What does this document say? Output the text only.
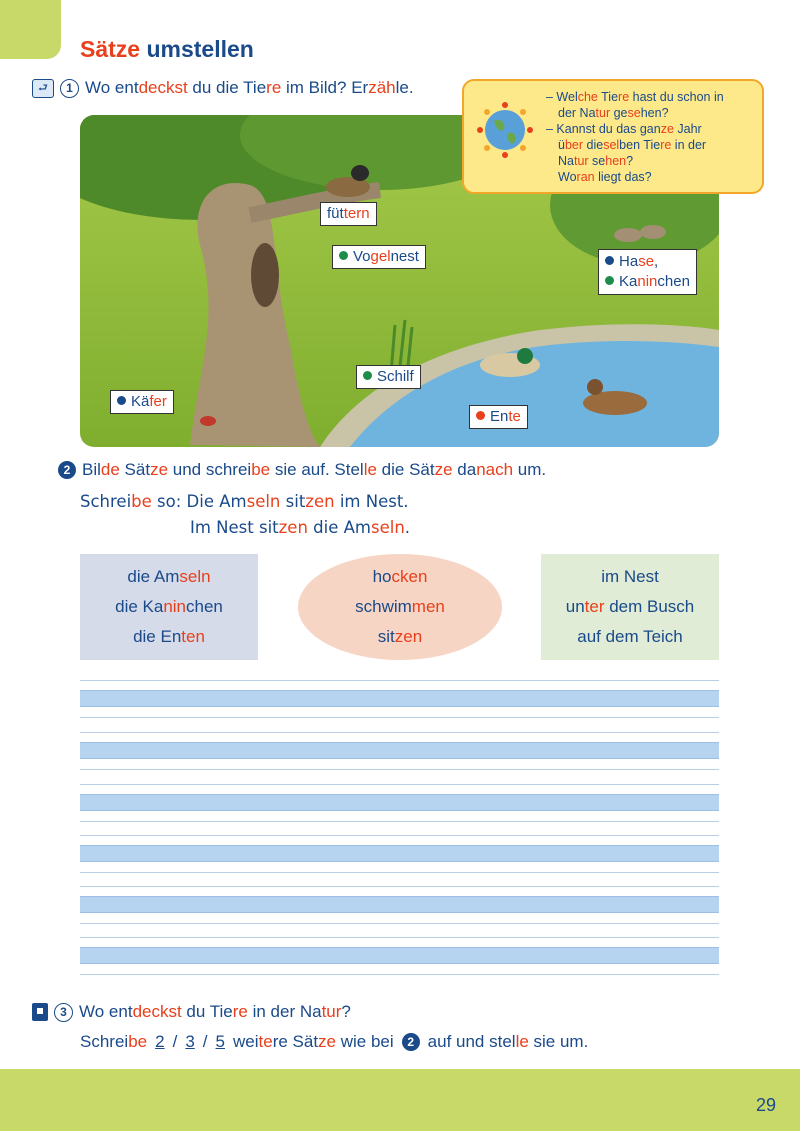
Sätze umstellen
⮐	1 Wo entdeckst du die Tiere im Bild? Erzähle.
füttern
Vogelnest	Hase,
Kaninchen
Schilf
Käfer
Ente
– Welche Tiere hast du schon in
der Natur gesehen?
– Kannst du das ganze Jahr
über dieselben Tiere in der
Natur sehen?
Woran liegt das?
2 Bilde Sätze und schreibe sie auf. Stelle die Sätze danach um.
Schreibe so: Die Amseln sitzen im Nest.
Im Nest sitzen die Amseln.
die Amseln
die Kaninchen
die Enten
hocken
schwimmen
sitzen
im Nest
unter dem Busch
auf dem Teich
3 Wo entdeckst du Tiere in der Natur?
Schreibe 2 / 3 / 5 weitere Sätze wie bei	2 auf und stelle sie um.
29
